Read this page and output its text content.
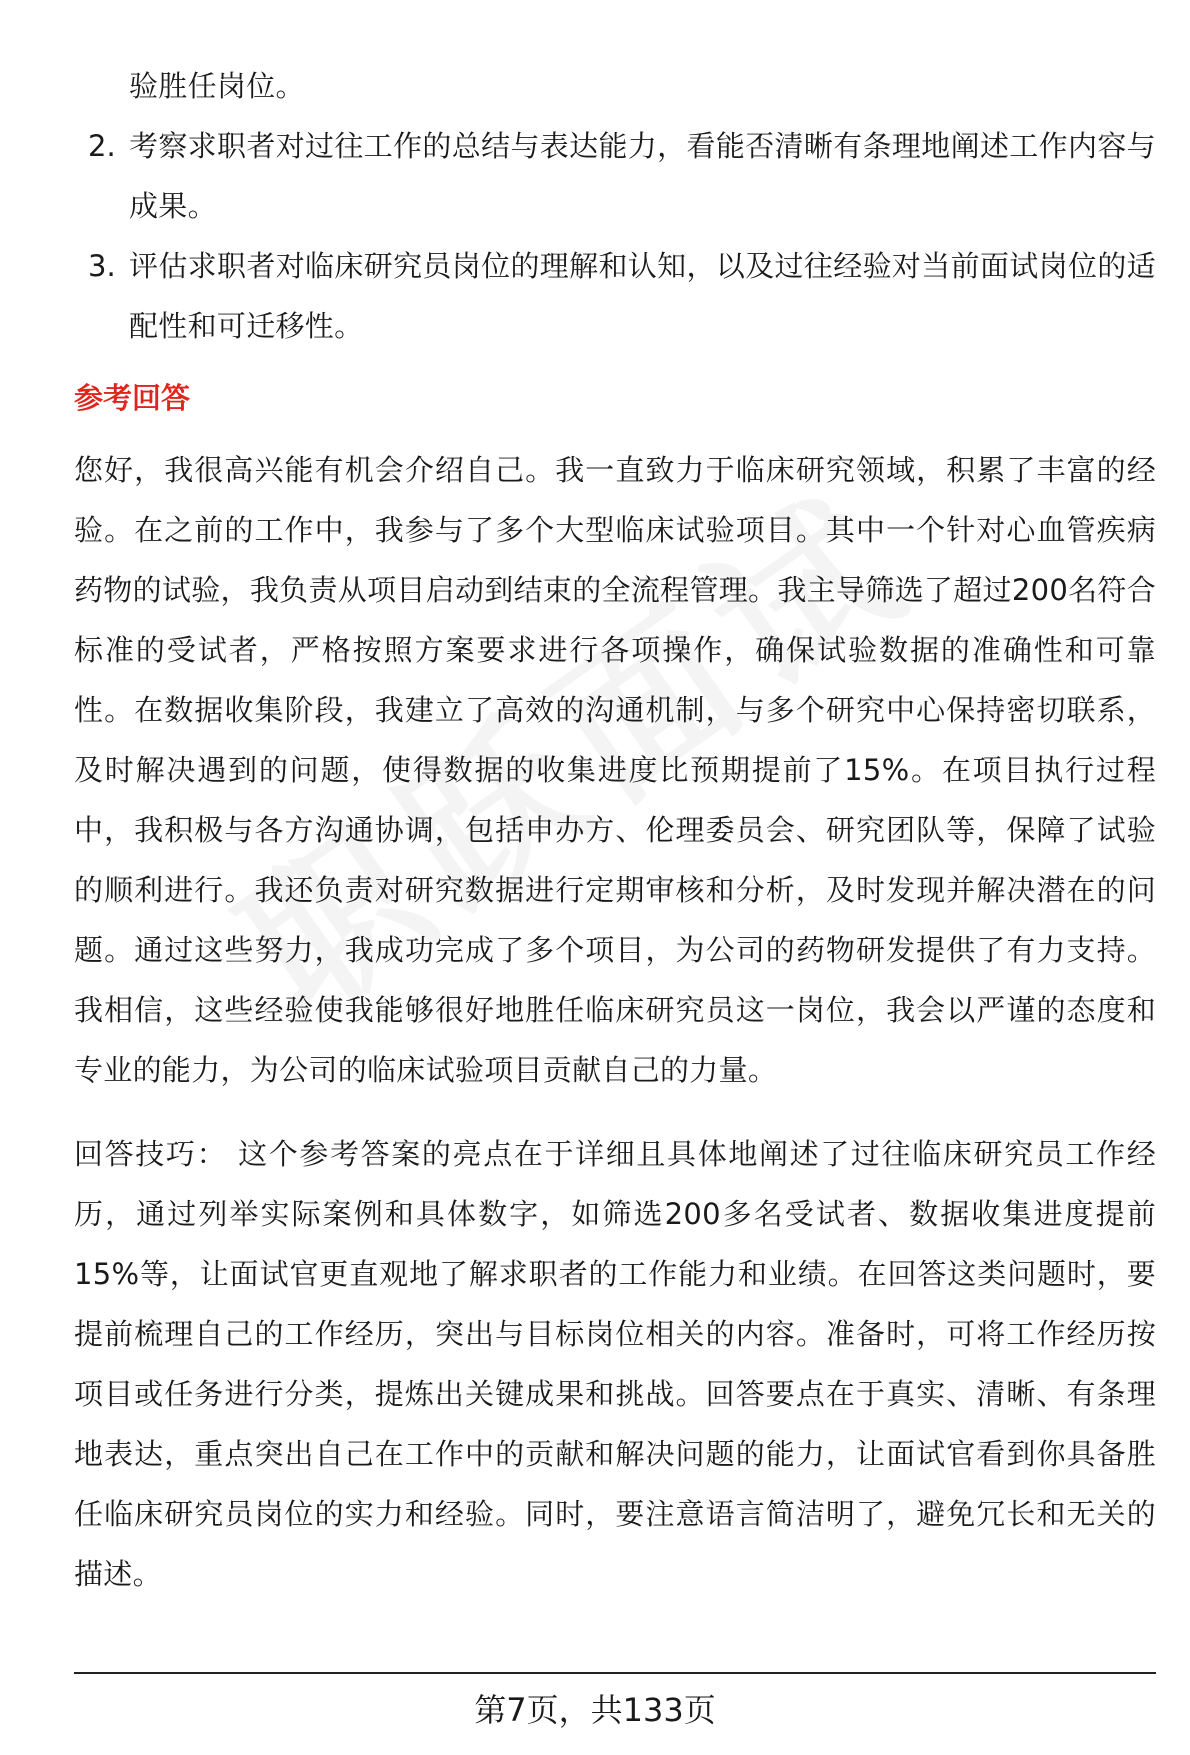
验胜任岗位。

2. 考察求职者对过往工作的总结与表达能力，看能否清晰有条理地阐述工作内容与成果。
3. 评估求职者对临床研究员岗位的理解和认知，以及过往经验对当前面试岗位的适配性和可迁移性。
参考回答

您好，我很高兴能有机会介绍自己。我一直致力于临床研究领域，积累了丰富的经验。在之前的工作中，我参与了多个大型临床试验项目。其中一个针对心血管疾病药物的试验，我负责从项目启动到结束的全流程管理。我主导筛选了超过200名符合标准的受试者，严格按照方案要求进行各项操作，确保试验数据的准确性和可靠性。在数据收集阶段，我建立了高效的沟通机制，与多个研究中心保持密切联系，及时解决遇到的问题，使得数据的收集进度比预期提前了15%。在项目执行过程中，我积极与各方沟通协调，包括申办方、伦理委员会、研究团队等，保障了试验的顺利进行。我还负责对研究数据进行定期审核和分析，及时发现并解决潜在的问题。通过这些努力，我成功完成了多个项目，为公司的药物研发提供了有力支持。我相信，这些经验使我能够很好地胜任临床研究员这一岗位，我会以严谨的态度和专业的能力，为公司的临床试验项目贡献自己的力量。

回答技巧： 这个参考答案的亮点在于详细且具体地阐述了过往临床研究员工作经历，通过列举实际案例和具体数字，如筛选200多名受试者、数据收集进度提前15%等，让面试官更直观地了解求职者的工作能力和业绩。在回答这类问题时，要提前梳理自己的工作经历，突出与目标岗位相关的内容。准备时，可将工作经历按项目或任务进行分类，提炼出关键成果和挑战。回答要点在于真实、清晰、有条理地表达，重点突出自己在工作中的贡献和解决问题的能力，让面试官看到你具备胜任临床研究员岗位的实力和经验。同时，要注意语言简洁明了，避免冗长和无关的描述。

第7页，共133页
